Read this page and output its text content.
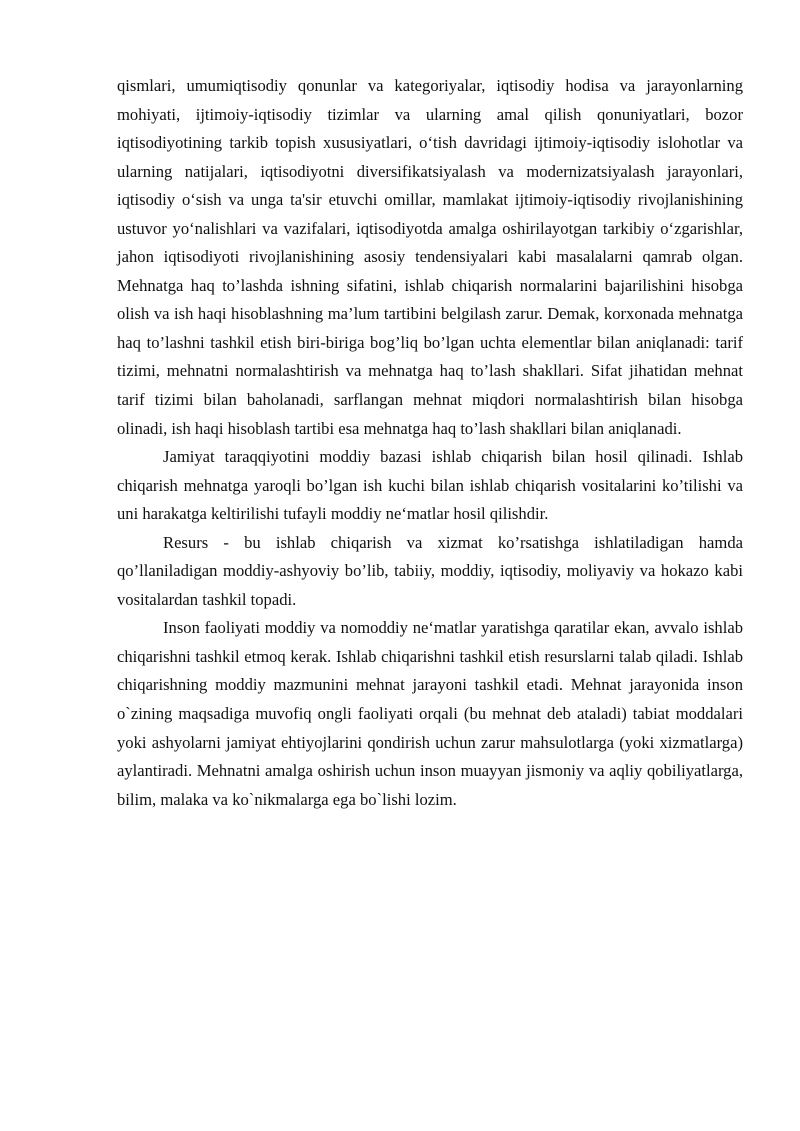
qismlari, umumiqtisodiy qonunlar va kategoriyalar, iqtisodiy hodisa va jarayonlarning mohiyati, ijtimoiy-iqtisodiy tizimlar va ularning amal qilish qonuniyatlari, bozor iqtisodiyotining tarkib topish xususiyatlari, o‘tish davridagi ijtimoiy-iqtisodiy islohotlar va ularning natijalari, iqtisodiyotni diversifikatsiyalash va modernizatsiyalash jarayonlari, iqtisodiy o‘sish va unga ta'sir etuvchi omillar, mamlakat ijtimoiy-iqtisodiy rivojlanishining ustuvor yo‘nalishlari va vazifalari, iqtisodiyotda amalga oshirilayotgan tarkibiy o‘zgarishlar, jahon iqtisodiyoti rivojlanishining asosiy tendensiyalari kabi masalalarni qamrab olgan. Mehnatga haq to’lashda ishning sifatini, ishlab chiqarish normalarini bajarilishini hisobga olish va ish haqi hisoblashning ma’lum tartibini belgilash zarur. Demak, korxonada mehnatga haq to’lashni tashkil etish biri-biriga bog’liq bo’lgan uchta elementlar bilan aniqlanadi: tarif tizimi, mehnatni normalashtirish va mehnatga haq to’lash shakllari. Sifat jihatidan mehnat tarif tizimi bilan baholanadi, sarflangan mehnat miqdori normalashtirish bilan hisobga olinadi, ish haqi hisoblash tartibi esa mehnatga haq to’lash shakllari bilan aniqlanadi.

Jamiyat taraqqiyotini moddiy bazasi ishlab chiqarish bilan hosil qilinadi. Ishlab chiqarish mehnatga yaroqli bo’lgan ish kuchi bilan ishlab chiqarish vositalarini ko’tilishi va uni harakatga keltirilishi tufayli moddiy ne‘matlar hosil qilishdir.

Resurs - bu ishlab chiqarish va xizmat ko’rsatishga ishlatiladigan hamda qo’llaniladigan moddiy-ashyoviy bo’lib, tabiiy, moddiy, iqtisodiy, moliyaviy va hokazo kabi vositalardan tashkil topadi.

Inson faoliyati moddiy va nomoddiy ne‘matlar yaratishga qaratilar ekan, avvalo ishlab chiqarishni tashkil etmoq kerak. Ishlab chiqarishni tashkil etish resurslarni talab qiladi. Ishlab chiqarishning moddiy mazmunini mehnat jarayoni tashkil etadi. Mehnat jarayonida inson o`zining maqsadiga muvofiq ongli faoliyati orqali (bu mehnat deb ataladi) tabiat moddalari yoki ashyolarni jamiyat ehtiyojlarini qondirish uchun zarur mahsulotlarga (yoki xizmatlarga) aylantiradi. Mehnatni amalga oshirish uchun inson muayyan jismoniy va aqliy qobiliyatlarga, bilim, malaka va ko`nikmalarga ega bo`lishi lozim.
